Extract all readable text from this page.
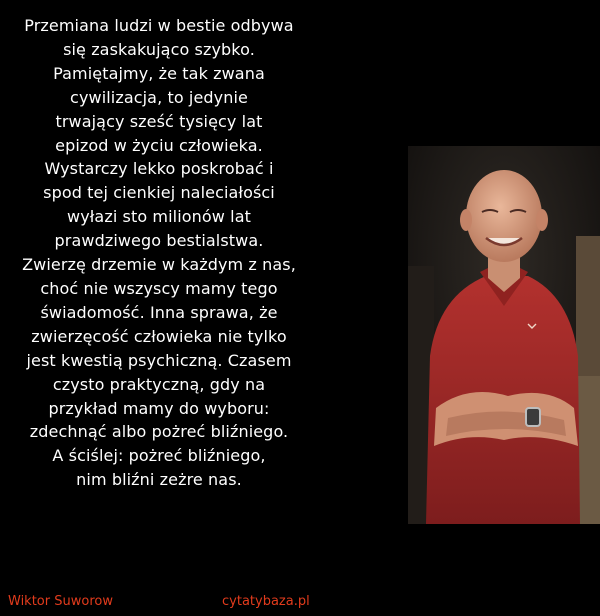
Przemiana ludzi w bestie odbywa
się zaskakująco szybko.
Pamiętajmy, że tak zwana
cywilizacja, to jedynie
trwający sześć tysięcy lat
epizod w życiu człowieka.
Wystarczy lekko poskrobać i
spod tej cienkiej naleciałości
wyłazi sto milionów lat
prawdziwego bestialstwa.
Zwierzę drzemie w każdym z nas,
choć nie wszyscy mamy tego
świadomość. Inna sprawa, że
zwierzęcość człowieka nie tylko
jest kwestią psychiczną. Czasem
czysto praktyczną, gdy na
przykład mamy do wyboru:
zdechnąć albo pożreć bliźniego.
A ściślej: pożreć bliźniego,
nim bliźni zeżre nas.

Wiktor Suworow	cytatybaza.pl
